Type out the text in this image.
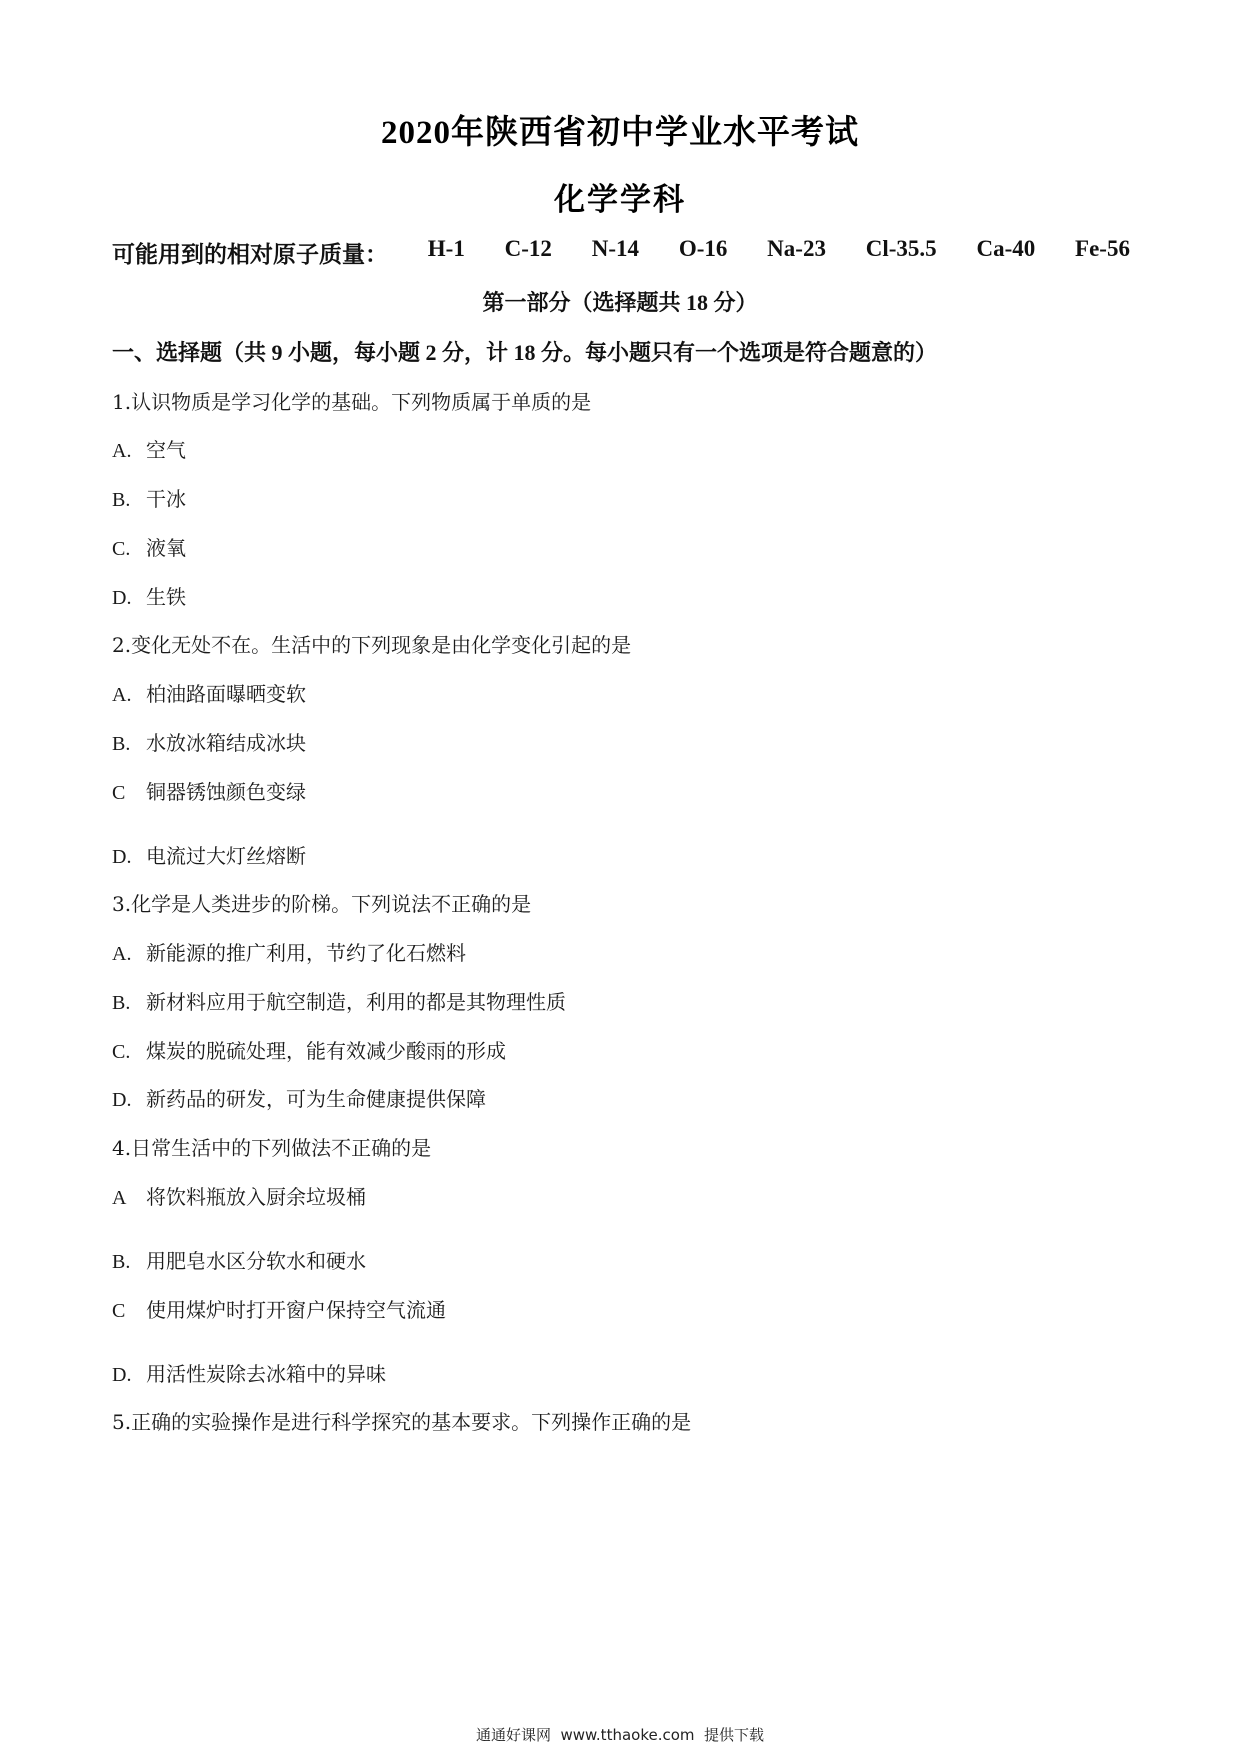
2020年陕西省初中学业水平考试
化学学科
可能用到的相对原子质量： H-1 C-12 N-14 O-16 Na-23 Cl-35.5 Ca-40 Fe-56
第一部分（选择题共 18 分）
一、选择题（共 9 小题，每小题 2 分，计 18 分。每小题只有一个选项是符合题意的）
1.认识物质是学习化学的基础。下列物质属于单质的是
A. 空气
B. 干冰
C. 液氧
D. 生铁
2.变化无处不在。生活中的下列现象是由化学变化引起的是
A. 柏油路面曝晒变软
B. 水放冰箱结成冰块
C 铜器锈蚀颜色变绿
D. 电流过大灯丝熔断
3.化学是人类进步的阶梯。下列说法不正确的是
A. 新能源的推广利用，节约了化石燃料
B. 新材料应用于航空制造，利用的都是其物理性质
C. 煤炭的脱硫处理，能有效减少酸雨的形成
D. 新药品的研发，可为生命健康提供保障
4.日常生活中的下列做法不正确的是
A 将饮料瓶放入厨余垃圾桶
B. 用肥皂水区分软水和硬水
C 使用煤炉时打开窗户保持空气流通
D. 用活性炭除去冰箱中的异味
5.正确的实验操作是进行科学探究的基本要求。下列操作正确的是
通通好课网  www.tthaoke.com  提供下载
